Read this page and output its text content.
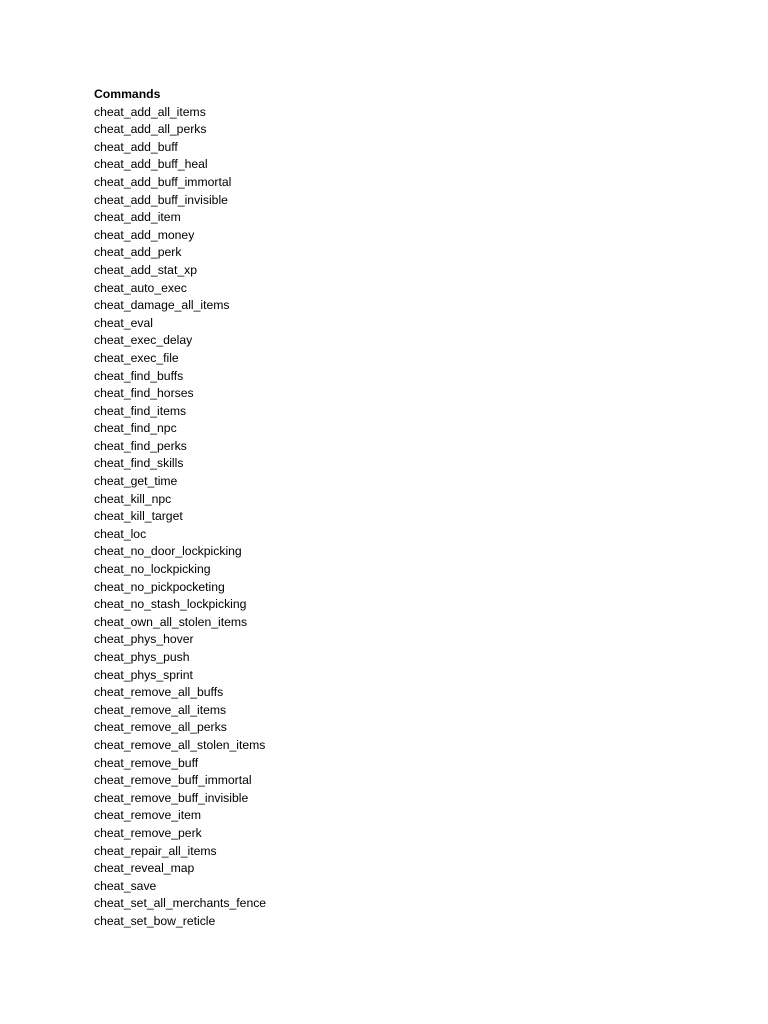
Commands
cheat_add_all_items
cheat_add_all_perks
cheat_add_buff
cheat_add_buff_heal
cheat_add_buff_immortal
cheat_add_buff_invisible
cheat_add_item
cheat_add_money
cheat_add_perk
cheat_add_stat_xp
cheat_auto_exec
cheat_damage_all_items
cheat_eval
cheat_exec_delay
cheat_exec_file
cheat_find_buffs
cheat_find_horses
cheat_find_items
cheat_find_npc
cheat_find_perks
cheat_find_skills
cheat_get_time
cheat_kill_npc
cheat_kill_target
cheat_loc
cheat_no_door_lockpicking
cheat_no_lockpicking
cheat_no_pickpocketing
cheat_no_stash_lockpicking
cheat_own_all_stolen_items
cheat_phys_hover
cheat_phys_push
cheat_phys_sprint
cheat_remove_all_buffs
cheat_remove_all_items
cheat_remove_all_perks
cheat_remove_all_stolen_items
cheat_remove_buff
cheat_remove_buff_immortal
cheat_remove_buff_invisible
cheat_remove_item
cheat_remove_perk
cheat_repair_all_items
cheat_reveal_map
cheat_save
cheat_set_all_merchants_fence
cheat_set_bow_reticle
